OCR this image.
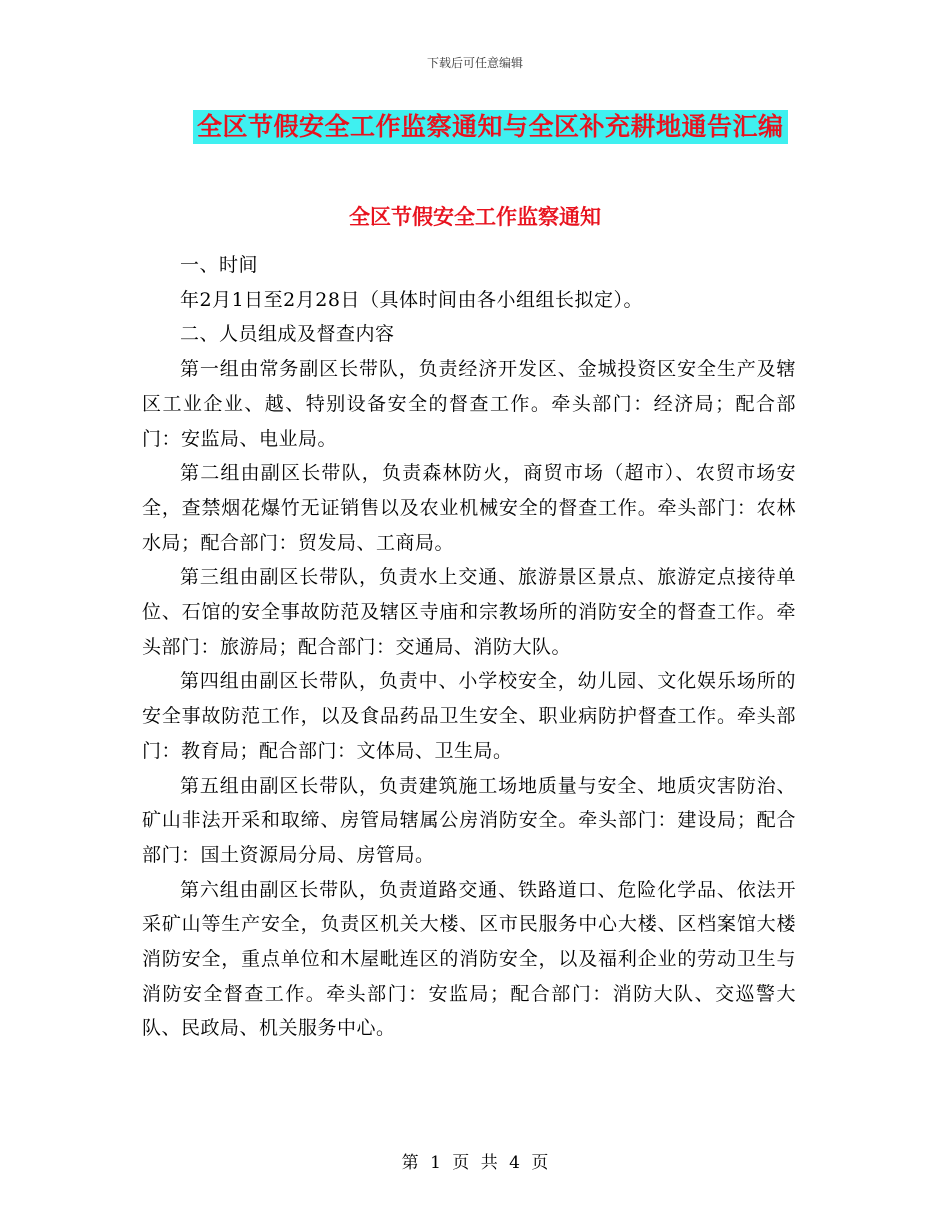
下载后可任意编辑
全区节假安全工作监察通知与全区补充耕地通告汇编
全区节假安全工作监察通知

一、时间

年2月1日至2月28日（具体时间由各小组组长拟定）。

二、人员组成及督查内容

第一组由常务副区长带队，负责经济开发区、金城投资区安全生产及辖区工业企业、越、特别设备安全的督查工作。牵头部门：经济局；配合部门：安监局、电业局。

第二组由副区长带队，负责森林防火，商贸市场（超市）、农贸市场安全，查禁烟花爆竹无证销售以及农业机械安全的督查工作。牵头部门：农林水局；配合部门：贸发局、工商局。

第三组由副区长带队，负责水上交通、旅游景区景点、旅游定点接待单位、石馆的安全事故防范及辖区寺庙和宗教场所的消防安全的督查工作。牵头部门：旅游局；配合部门：交通局、消防大队。

第四组由副区长带队，负责中、小学校安全，幼儿园、文化娱乐场所的安全事故防范工作，以及食品药品卫生安全、职业病防护督查工作。牵头部门：教育局；配合部门：文体局、卫生局。

第五组由副区长带队，负责建筑施工场地质量与安全、地质灾害防治、矿山非法开采和取缔、房管局辖属公房消防安全。牵头部门：建设局；配合部门：国土资源局分局、房管局。

第六组由副区长带队，负责道路交通、铁路道口、危险化学品、依法开采矿山等生产安全，负责区机关大楼、区市民服务中心大楼、区档案馆大楼消防安全，重点单位和木屋毗连区的消防安全，以及福利企业的劳动卫生与消防安全督查工作。牵头部门：安监局；配合部门：消防大队、交巡警大队、民政局、机关服务中心。

第 1 页 共 4 页
